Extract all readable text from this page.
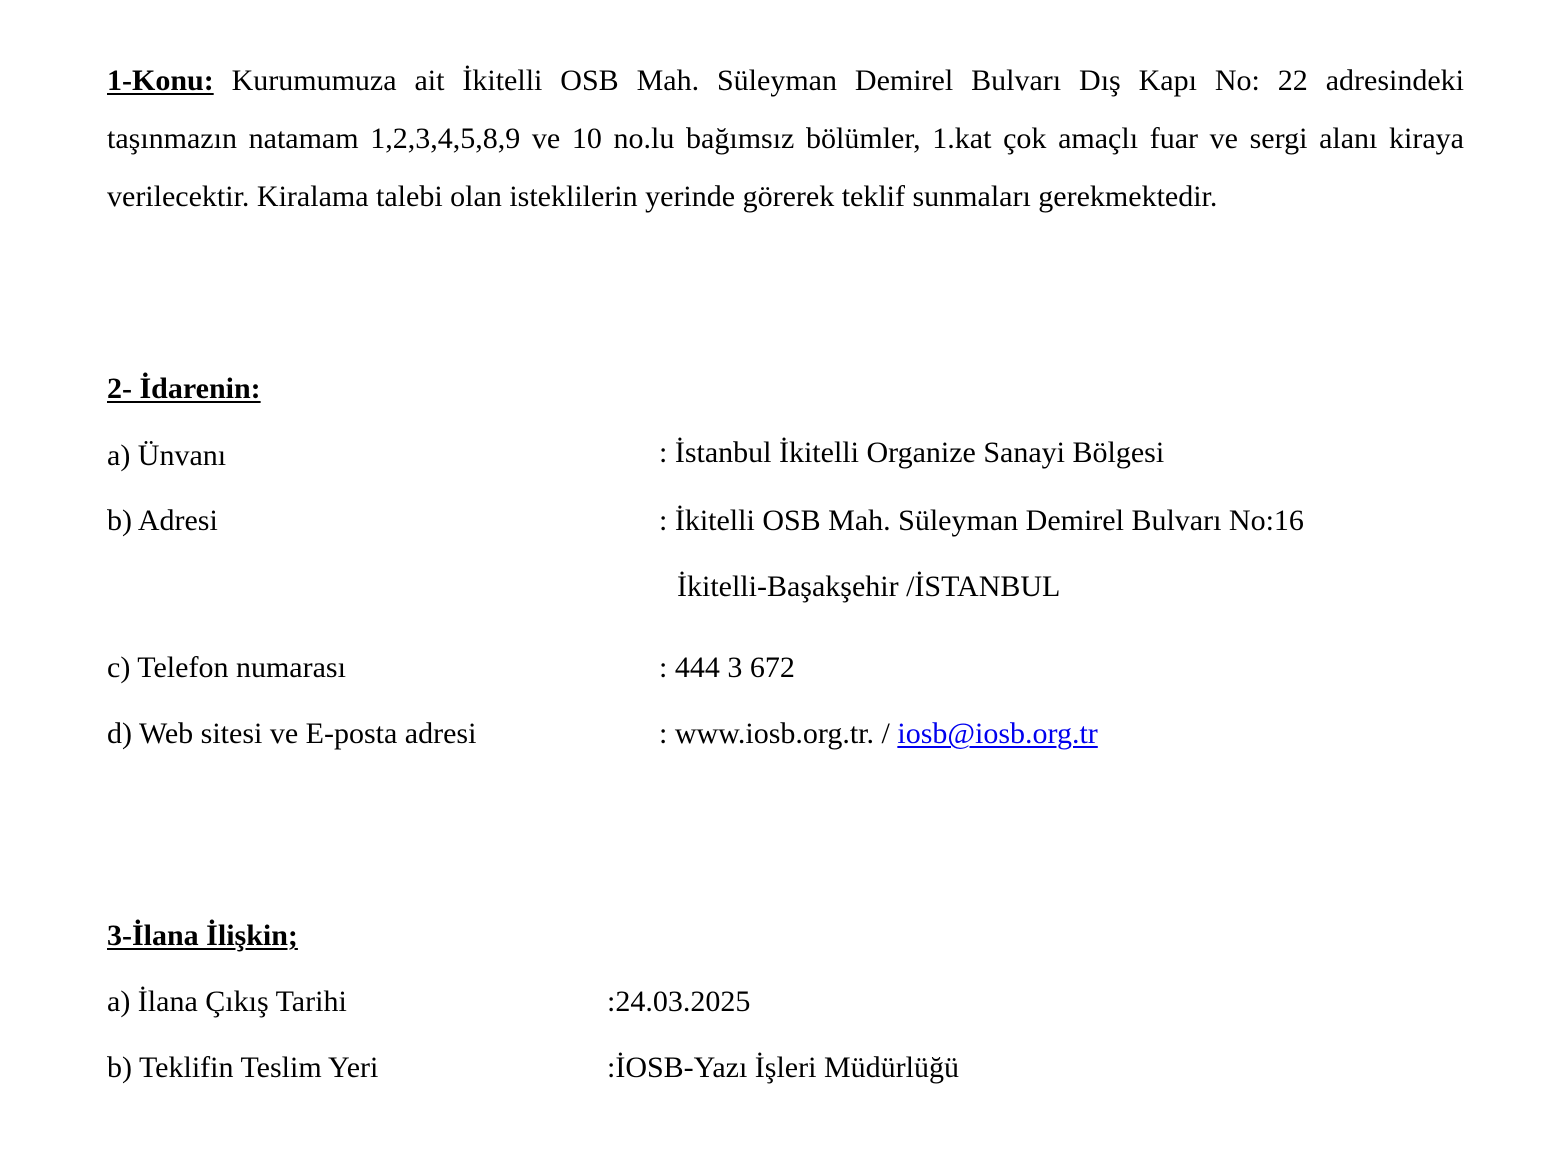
1-Konu: Kurumumuza ait İkitelli OSB Mah. Süleyman Demirel Bulvarı Dış Kapı No: 22 adresindeki taşınmazın natamam 1,2,3,4,5,8,9 ve 10 no.lu bağımsız bölümler, 1.kat çok amaçlı fuar ve sergi alanı kiraya verilecektir. Kiralama talebi olan isteklilerin yerinde görerek teklif sunmaları gerekmektedir.

2- İdarenin:
a) Ünvanı	: İstanbul İkitelli Organize Sanayi Bölgesi
b) Adresi	: İkitelli OSB Mah. Süleyman Demirel Bulvarı No:16
İkitelli-Başakşehir /İSTANBUL
c) Telefon numarası	: 444 3 672
d) Web sitesi ve E-posta adresi	: www.iosb.org.tr. / iosb@iosb.org.tr
3-İlana İlişkin;
a) İlana Çıkış Tarihi	:24.03.2025
b) Teklifin Teslim Yeri	:İOSB-Yazı İşleri Müdürlüğü
